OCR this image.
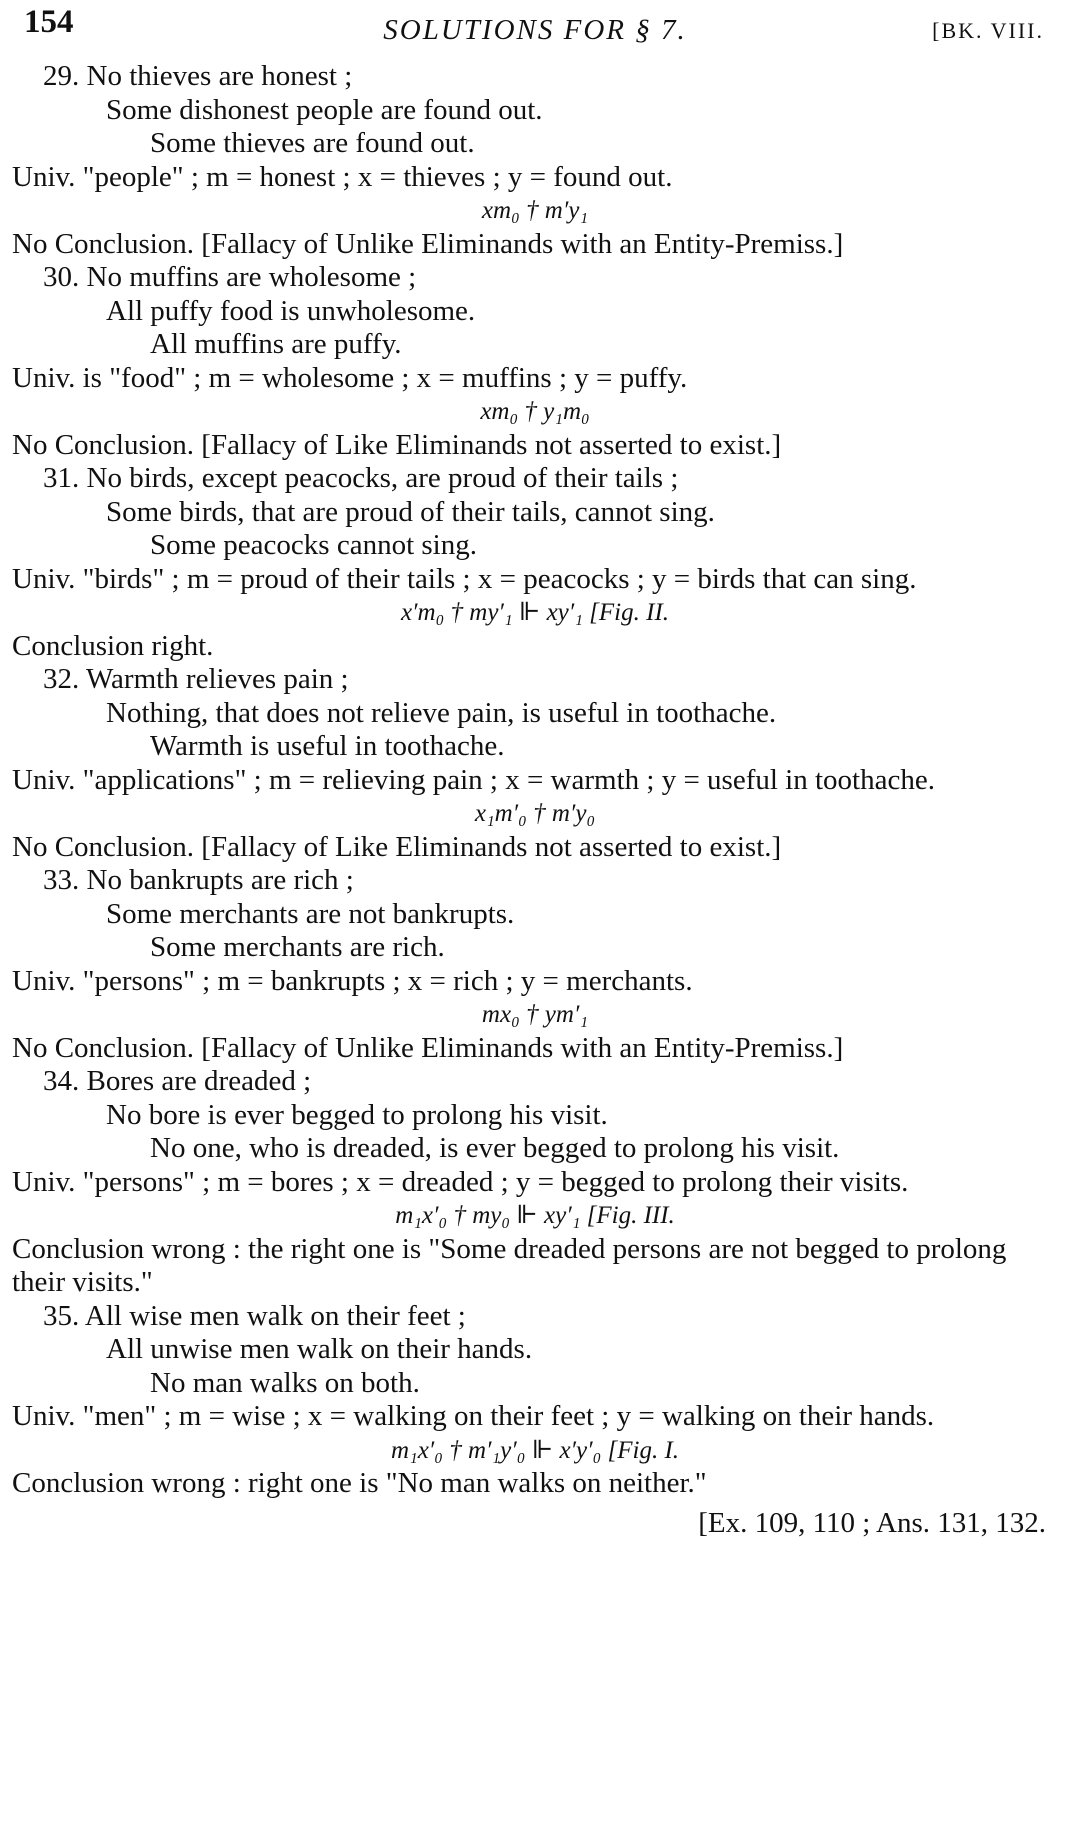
154	SOLUTIONS FOR § 7.	[BK. VIII.
29. No thieves are honest ;
Some dishonest people are found out.
Some thieves are found out.
Univ. "people" ; m = honest ; x = thieves ; y = found out.
xm₀ † m′y₁
No Conclusion. [Fallacy of Unlike Eliminands with an Entity-Premiss.]
30. No muffins are wholesome ;
All puffy food is unwholesome.
All muffins are puffy.
Univ. is "food" ; m = wholesome ; x = muffins ; y = puffy.
xm₀ † y₁m₀
No Conclusion. [Fallacy of Like Eliminands not asserted to exist.]
31. No birds, except peacocks, are proud of their tails ;
Some birds, that are proud of their tails, cannot sing.
Some peacocks cannot sing.
Univ. "birds" ; m = proud of their tails ; x = peacocks ; y = birds that can sing.
x′m₀ † my′₁ ⊩ xy′₁ [Fig. II.
Conclusion right.
32. Warmth relieves pain ;
Nothing, that does not relieve pain, is useful in toothache.
Warmth is useful in toothache.
Univ. "applications" ; m = relieving pain ; x = warmth ; y = useful in toothache.
x₁m′₀ † m′y₀
No Conclusion. [Fallacy of Like Eliminands not asserted to exist.]
33. No bankrupts are rich ;
Some merchants are not bankrupts.
Some merchants are rich.
Univ. "persons" ; m = bankrupts ; x = rich ; y = merchants.
mx₀ † ym′₁
No Conclusion. [Fallacy of Unlike Eliminands with an Entity-Premiss.]
34. Bores are dreaded ;
No bore is ever begged to prolong his visit.
No one, who is dreaded, is ever begged to prolong his visit.
Univ. "persons" ; m = bores ; x = dreaded ; y = begged to prolong their visits.
m₁x′₀ † my₀ ⊩ xy′₁ [Fig. III.
Conclusion wrong : the right one is "Some dreaded persons are not begged to prolong their visits."
35. All wise men walk on their feet ;
All unwise men walk on their hands.
No man walks on both.
Univ. "men" ; m = wise ; x = walking on their feet ; y = walking on their hands.
m₁x′₀ † m′₁y′₀ ⊩ x′y′₀ [Fig. I.
Conclusion wrong : right one is "No man walks on neither."
[Ex. 109, 110 ; Ans. 131, 132.
